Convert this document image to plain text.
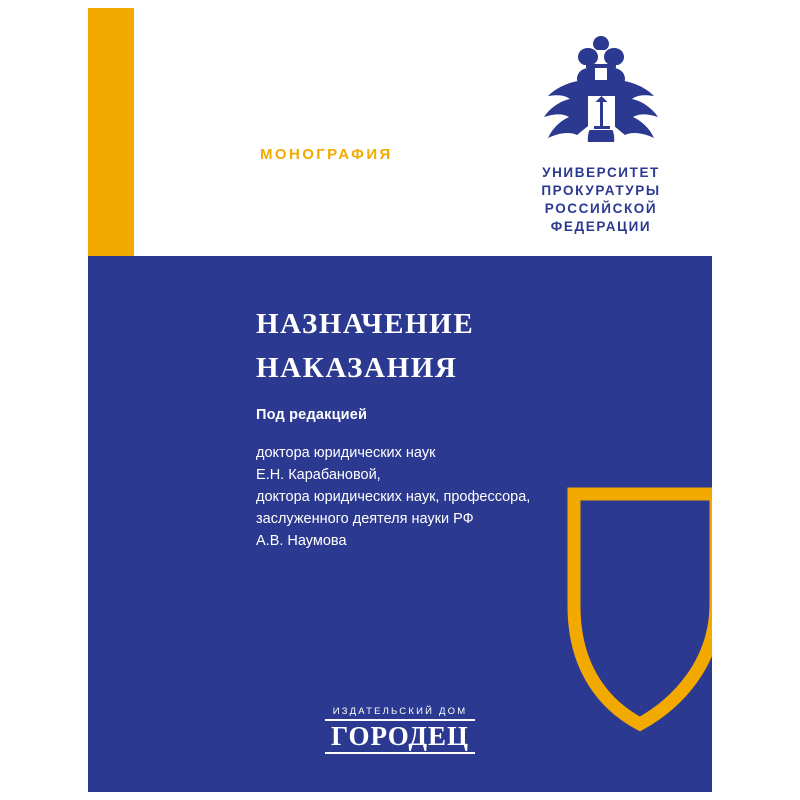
МОНОГРАФИЯ
УНИВЕРСИТЕТ
ПРОКУРАТУРЫ
РОССИЙСКОЙ
ФЕДЕРАЦИИ
НАЗНАЧЕНИЕ
НАКАЗАНИЯ
Под редакцией
доктора юридических наук
Е.Н. Карабановой,
доктора юридических наук, профессора,
заслуженного деятеля науки РФ
А.В. Наумова
ИЗДАТЕЛЬСКИЙ ДОМ
ГОРОДЕЦ
